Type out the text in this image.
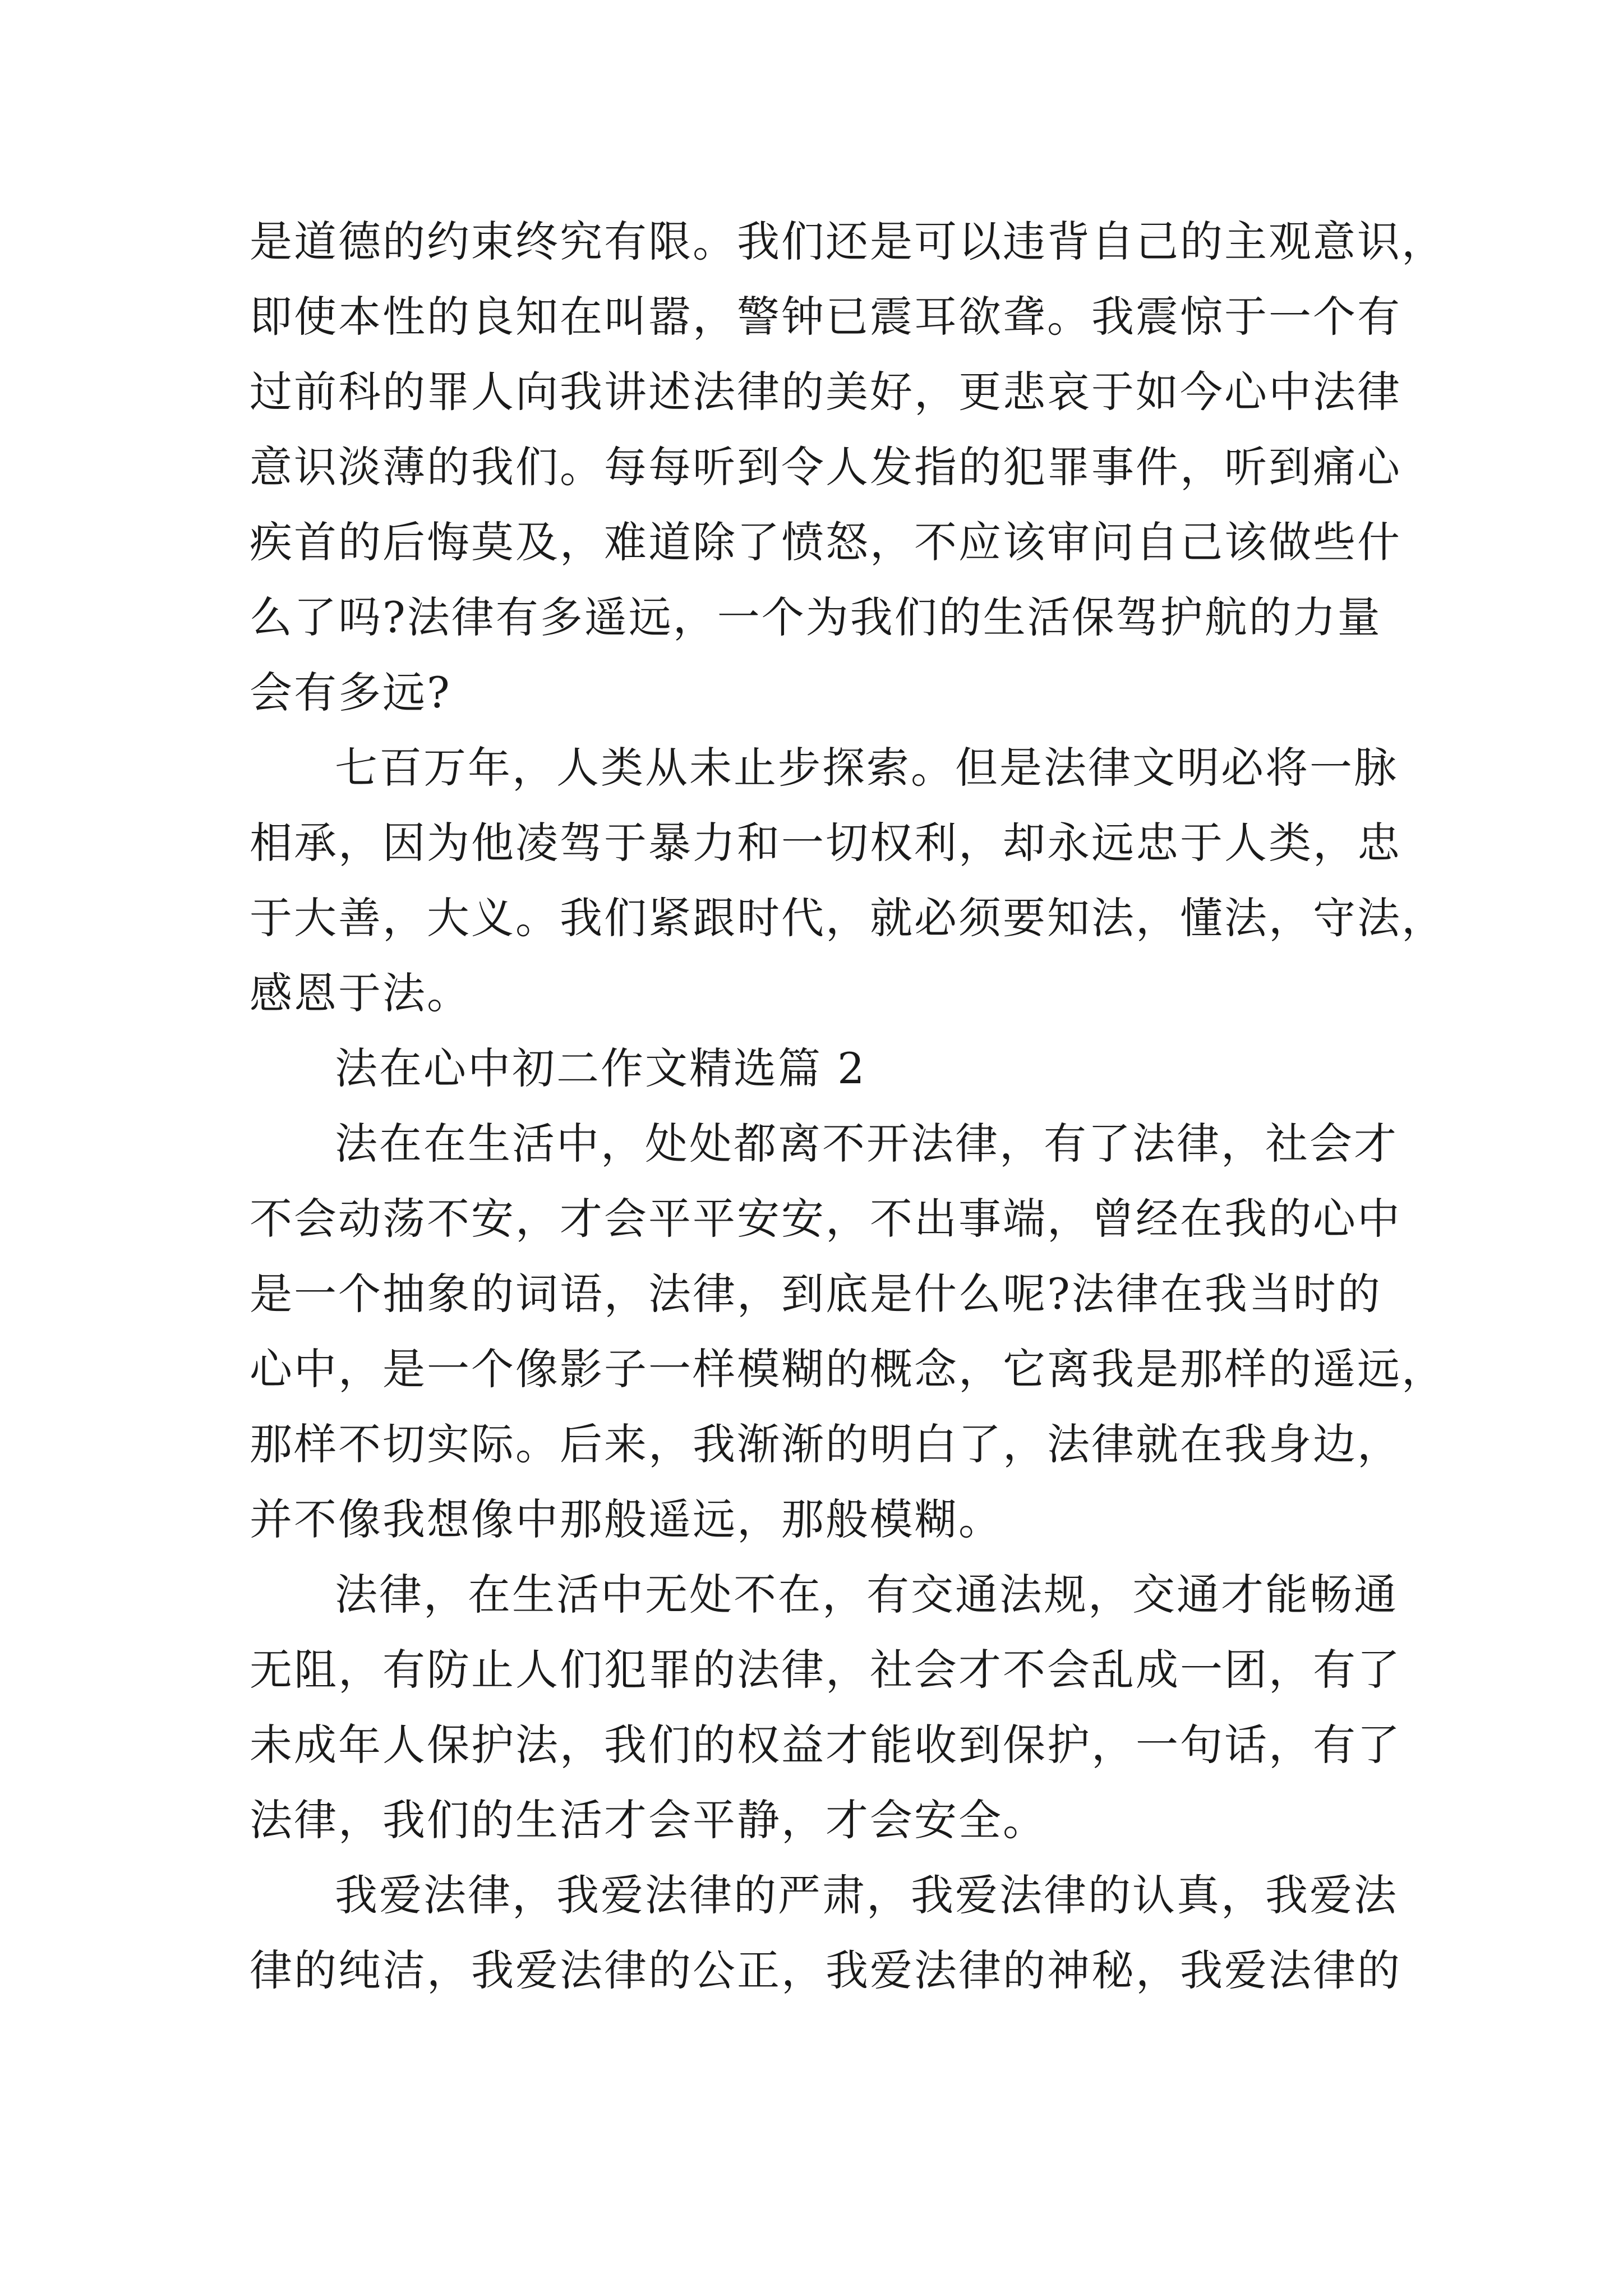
是道德的约束终究有限。我们还是可以违背自己的主观意识，
即使本性的良知在叫嚣，警钟已震耳欲聋。我震惊于一个有
过前科的罪人向我讲述法律的美好，更悲哀于如今心中法律
意识淡薄的我们。每每听到令人发指的犯罪事件，听到痛心
疾首的后悔莫及，难道除了愤怒，不应该审问自己该做些什
么了吗?法律有多遥远，一个为我们的生活保驾护航的力量
会有多远?
七百万年，人类从未止步探索。但是法律文明必将一脉
相承，因为他凌驾于暴力和一切权利，却永远忠于人类，忠
于大善，大义。我们紧跟时代，就必须要知法，懂法，守法，
感恩于法。
法在心中初二作文精选篇 2
法在在生活中，处处都离不开法律，有了法律，社会才
不会动荡不安，才会平平安安，不出事端，曾经在我的心中
是一个抽象的词语，法律，到底是什么呢?法律在我当时的
心中，是一个像影子一样模糊的概念，它离我是那样的遥远，
那样不切实际。后来，我渐渐的明白了，法律就在我身边，
并不像我想像中那般遥远，那般模糊。
法律，在生活中无处不在，有交通法规，交通才能畅通
无阻，有防止人们犯罪的法律，社会才不会乱成一团，有了
未成年人保护法，我们的权益才能收到保护，一句话，有了
法律，我们的生活才会平静，才会安全。
我爱法律，我爱法律的严肃，我爱法律的认真，我爱法
律的纯洁，我爱法律的公正，我爱法律的神秘，我爱法律的
